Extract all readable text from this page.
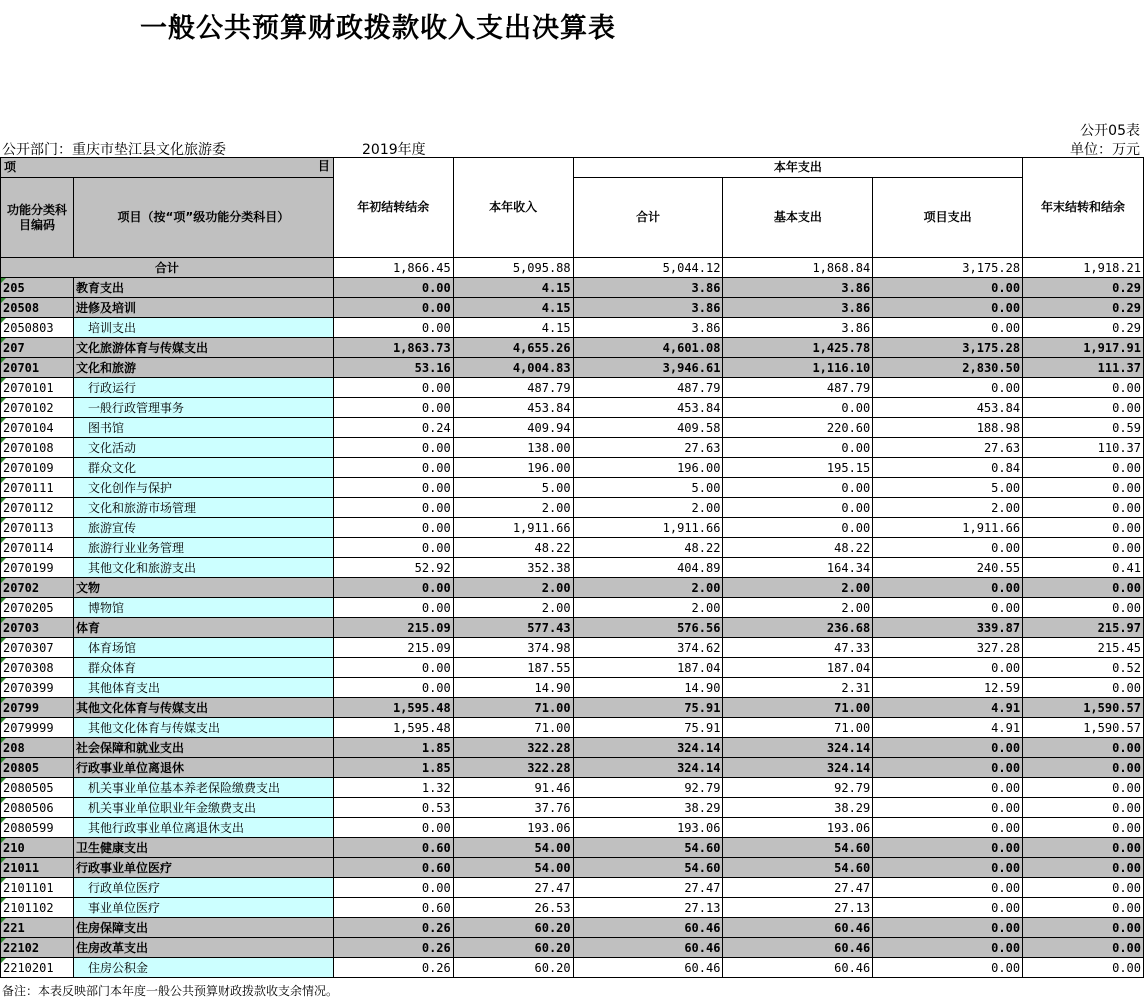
一般公共预算财政拨款收入支出决算表
公开05表
公开部门：重庆市垫江县文化旅游委	2019年度	单位：万元
项 目		年初结转结余	本年收入	本年支出			年末结转和结余
功能分类科目编码	项目（按“项”级功能分类科目）			合计	基本支出	项目支出	
合计		1,866.45	5,095.88	5,044.12	1,868.84	3,175.28	1,918.21
205	教育支出	0.00	4.15	3.86	3.86	0.00	0.29
20508	进修及培训	0.00	4.15	3.86	3.86	0.00	0.29
2050803	培训支出	0.00	4.15	3.86	3.86	0.00	0.29
207	文化旅游体育与传媒支出	1,863.73	4,655.26	4,601.08	1,425.78	3,175.28	1,917.91
20701	文化和旅游	53.16	4,004.83	3,946.61	1,116.10	2,830.50	111.37
2070101	行政运行	0.00	487.79	487.79	487.79	0.00	0.00
2070102	一般行政管理事务	0.00	453.84	453.84	0.00	453.84	0.00
2070104	图书馆	0.24	409.94	409.58	220.60	188.98	0.59
2070108	文化活动	0.00	138.00	27.63	0.00	27.63	110.37
2070109	群众文化	0.00	196.00	196.00	195.15	0.84	0.00
2070111	文化创作与保护	0.00	5.00	5.00	0.00	5.00	0.00
2070112	文化和旅游市场管理	0.00	2.00	2.00	0.00	2.00	0.00
2070113	旅游宣传	0.00	1,911.66	1,911.66	0.00	1,911.66	0.00
2070114	旅游行业业务管理	0.00	48.22	48.22	48.22	0.00	0.00
2070199	其他文化和旅游支出	52.92	352.38	404.89	164.34	240.55	0.41
20702	文物	0.00	2.00	2.00	2.00	0.00	0.00
2070205	博物馆	0.00	2.00	2.00	2.00	0.00	0.00
20703	体育	215.09	577.43	576.56	236.68	339.87	215.97
2070307	体育场馆	215.09	374.98	374.62	47.33	327.28	215.45
2070308	群众体育	0.00	187.55	187.04	187.04	0.00	0.52
2070399	其他体育支出	0.00	14.90	14.90	2.31	12.59	0.00
20799	其他文化体育与传媒支出	1,595.48	71.00	75.91	71.00	4.91	1,590.57
2079999	其他文化体育与传媒支出	1,595.48	71.00	75.91	71.00	4.91	1,590.57
208	社会保障和就业支出	1.85	322.28	324.14	324.14	0.00	0.00
20805	行政事业单位离退休	1.85	322.28	324.14	324.14	0.00	0.00
2080505	机关事业单位基本养老保险缴费支出	1.32	91.46	92.79	92.79	0.00	0.00
2080506	机关事业单位职业年金缴费支出	0.53	37.76	38.29	38.29	0.00	0.00
2080599	其他行政事业单位离退休支出	0.00	193.06	193.06	193.06	0.00	0.00
210	卫生健康支出	0.60	54.00	54.60	54.60	0.00	0.00
21011	行政事业单位医疗	0.60	54.00	54.60	54.60	0.00	0.00
2101101	行政单位医疗	0.00	27.47	27.47	27.47	0.00	0.00
2101102	事业单位医疗	0.60	26.53	27.13	27.13	0.00	0.00
221	住房保障支出	0.26	60.20	60.46	60.46	0.00	0.00
22102	住房改革支出	0.26	60.20	60.46	60.46	0.00	0.00
2210201	住房公积金	0.26	60.20	60.46	60.46	0.00	0.00
备注：本表反映部门本年度一般公共预算财政拨款收支余情况。
